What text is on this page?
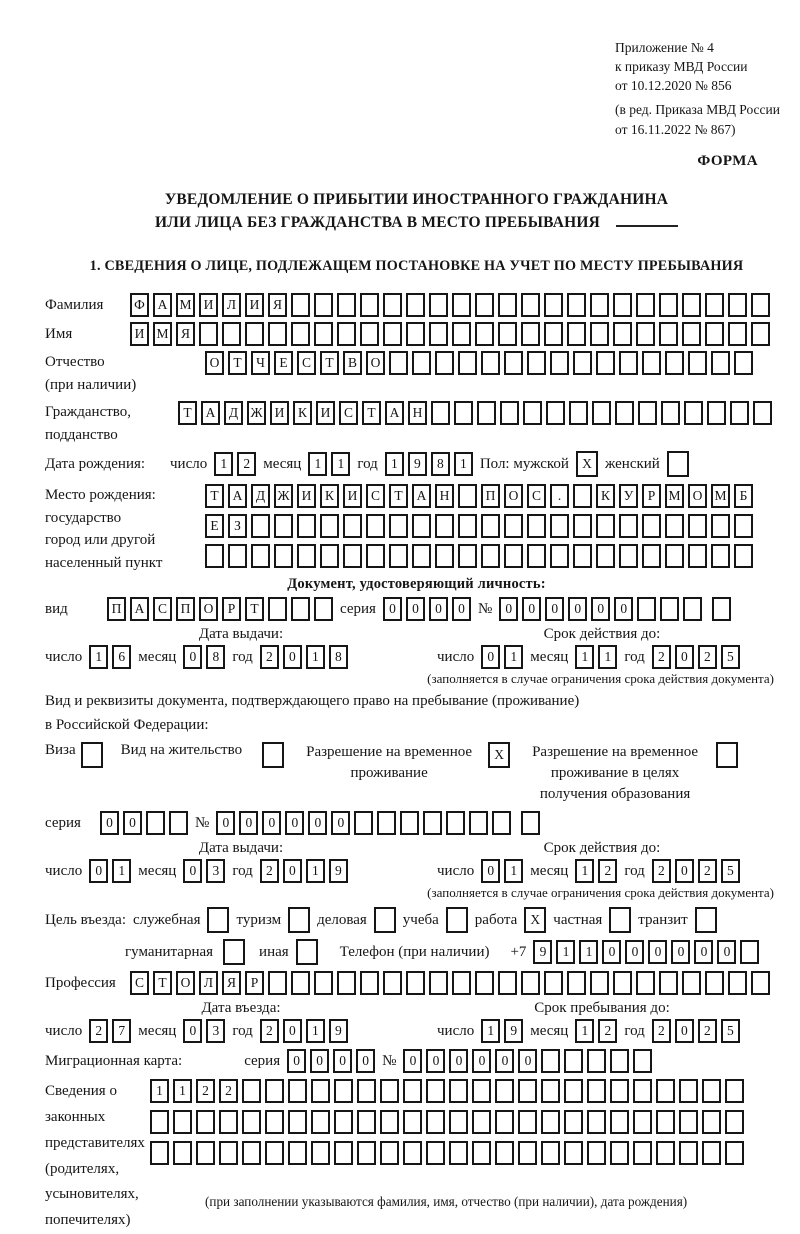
Приложение № 4
к приказу МВД России
от 10.12.2020 № 856
(в ред. Приказа МВД России
от 16.11.2022 № 867)
ФОРМА
УВЕДОМЛЕНИЕ О ПРИБЫТИИ ИНОСТРАННОГО ГРАЖДАНИНА
ИЛИ ЛИЦА БЕЗ ГРАЖДАНСТВА В МЕСТО ПРЕБЫВАНИЯ
1. СВЕДЕНИЯ О ЛИЦЕ, ПОДЛЕЖАЩЕМ ПОСТАНОВКЕ НА УЧЕТ ПО МЕСТУ ПРЕБЫВАНИЯ
Фамилия	Ф А М И	Л	И	Я
Имя	И М Я
Отчество
(при наличии)
О	Т	Ч	Е	С	Т	В	О
Гражданство,
подданство
Т	А	Д Ж И	К	И	С	Т	А Н
Дата рождения:	число 1	2 месяц 1	1 год 1	9	8	1 Пол: мужской X женский
Место рождения:
государство
город или другой
населенный пункт
Т	А	Д Ж И	К	И	С	Т	А Н	П О	С	.	К	У	Р М О М Б
Е	З
Документ, удостоверяющий личность:
вид	П А	С	П О	Р	Т	серия 0	0	0	0 № 0	0	0	0	0	0
Дата выдачи:	Срок действия до:
число 1	6 месяц 0	8 год 2	0	1	8	число 0	1 месяц 1	1 год 2	0	2	5
(заполняется в случае ограничения срока действия документа)
Вид и реквизиты документа, подтверждающего право на пребывание (проживание)
в Российской Федерации:
Виза	Вид на жительство	Разрешение на временное
проживание
X	Разрешение на временное
проживание в целях
получения образования
серия	0	0	№ 0	0	0	0	0	0
Дата выдачи:	Срок действия до:
число 0	1 месяц 0	3 год 2	0	1	9	число 0	1 месяц 1	2 год 2	0	2	5
(заполняется в случае ограничения срока действия документа)
Цель въезда: служебная туризм деловая учеба работа X частная транзит
гуманитарная	иная	Телефон (при наличии) +7 9	1	1	0	0	0	0	0	0
Профессия	С	Т	О	Л	Я	Р
Дата въезда:	Срок пребывания до:
число 2	7 месяц 0	3 год 2	0	1	9	число 1	9 месяц 1	2 год 2	0	2	5
Миграционная карта:	серия 0	0	0	0 № 0	0	0	0	0	0
Сведения о
законных
представителях
(родителях,
усыновителях,
попечителях)
1	1	2	2
(при заполнении указываются фамилия, имя, отчество (при наличии), дата рождения)
